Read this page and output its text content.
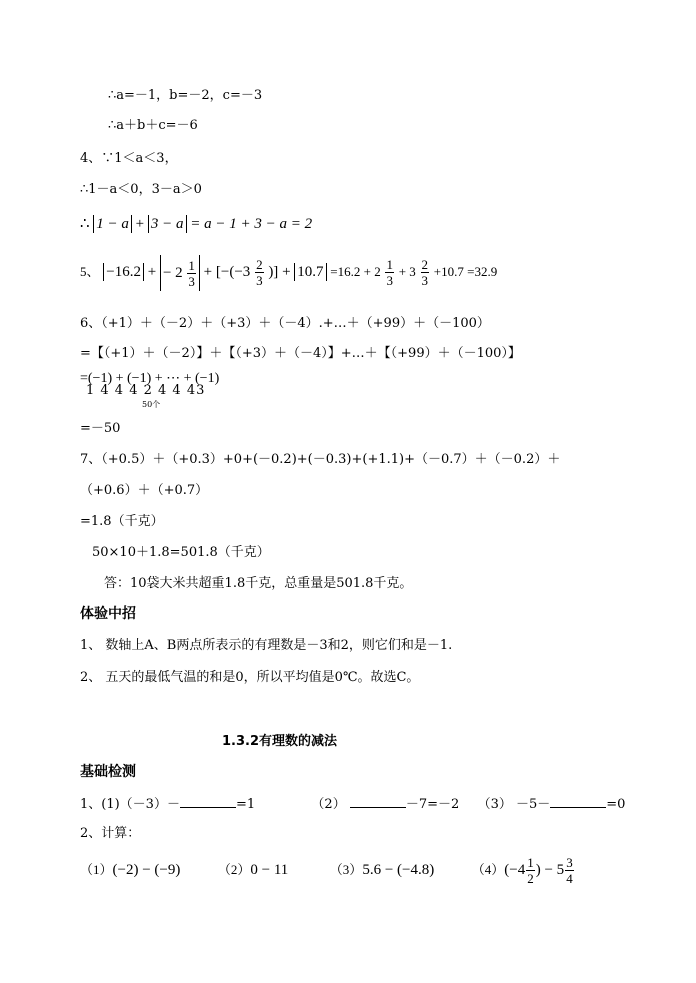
∴a=－1，b=－2，c=－3
∴a＋b＋c=－6
4、∵1＜a＜3，
∴1－a＜0，3－a＞0
∴ 1 − a + 3 − a = a − 1 + 3 − a = 2
5、 −16.2 + − $2 \frac{1}{3} + [-(-3 \frac{2}{3}$ )] + $10.7 =16.2 + 2 \frac{1}{3} + 3 \frac{2}{3} +10.7 =32.9$
6、（+1）＋（－2）＋（+3）＋（－4）.+…＋（+99）＋（－100）
=【（+1）＋（－2）】＋【（+3）＋（－4）】+…＋【（+99）＋（－100）】
=(−1) + (−1) + ⋯ + (−1)
1 4 4 4 2 4 4 43
50个
=－50
7、（+0.5）＋（+0.3）+0+(－0.2)+(－0.3)+(+1.1)+（－0.7）＋（－0.2）＋
（+0.6）＋（+0.7）
=1.8（千克）
50×10＋1.8=501.8（千克）
答：10袋大米共超重1.8千克，总重量是501.8千克。
体验中招
1、 数轴上A、B两点所表示的有理数是－3和2，则它们和是－1.
2、 五天的最低气温的和是0，所以平均值是0℃。故选C。
1.3.2有理数的减法
基础检测
1、(1)（－3）－	=1	（2）	－7=－2 （3） －5－	=0
2、计算：
（1）(−2) − (−9)	（2）0 − 11	（3）5.6 − (−4.8)	$(4)(-4 \frac{1}{2}$ ) − $5 \frac{3}{4}$
